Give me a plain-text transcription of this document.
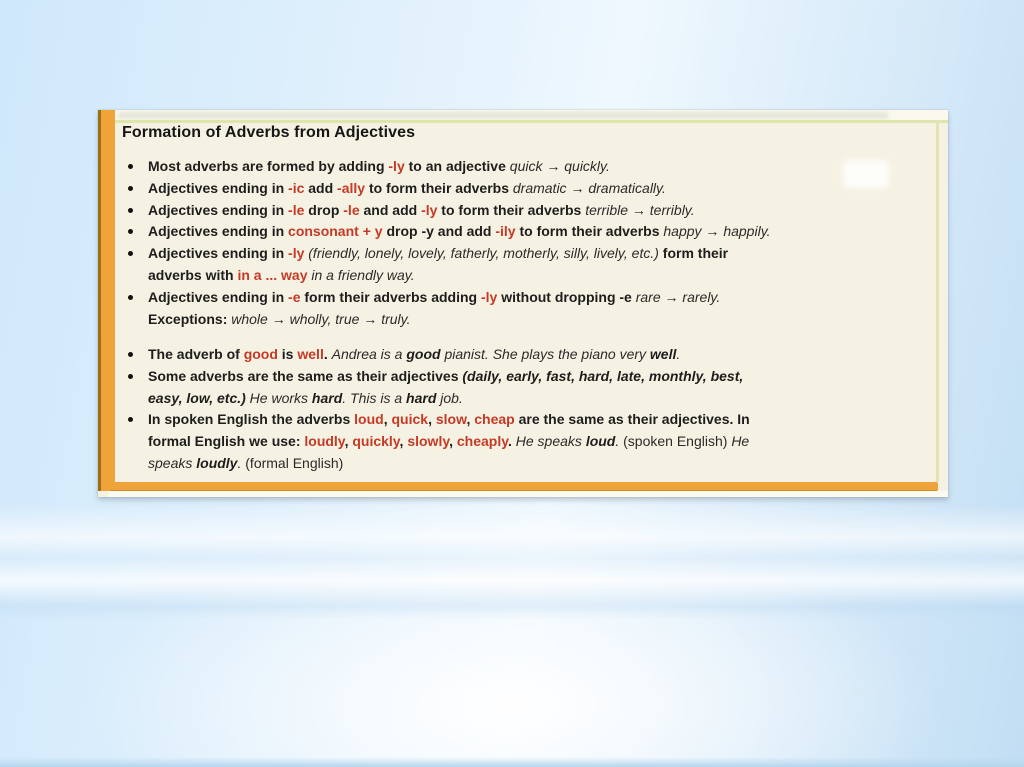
Formation of Adverbs from Adjectives
Most adverbs are formed by adding -ly to an adjective quick → quickly.
Adjectives ending in -ic add -ally to form their adverbs dramatic → dramatically.
Adjectives ending in -le drop -le and add -ly to form their adverbs terrible → terribly.
Adjectives ending in consonant + y drop -y and add -ily to form their adverbs happy → happily.
Adjectives ending in -ly (friendly, lonely, lovely, fatherly, motherly, silly, lively, etc.) form their
adverbs with in a ... way in a friendly way.
Adjectives ending in -e form their adverbs adding -ly without dropping -e rare → rarely.
Exceptions: whole → wholly, true → truly.
The adverb of good is well. Andrea is a good pianist. She plays the piano very well.
Some adverbs are the same as their adjectives (daily, early, fast, hard, late, monthly, best,
easy, low, etc.) He works hard. This is a hard job.
In spoken English the adverbs loud, quick, slow, cheap are the same as their adjectives. In
formal English we use: loudly, quickly, slowly, cheaply. He speaks loud. (spoken English) He
speaks loudly. (formal English)
